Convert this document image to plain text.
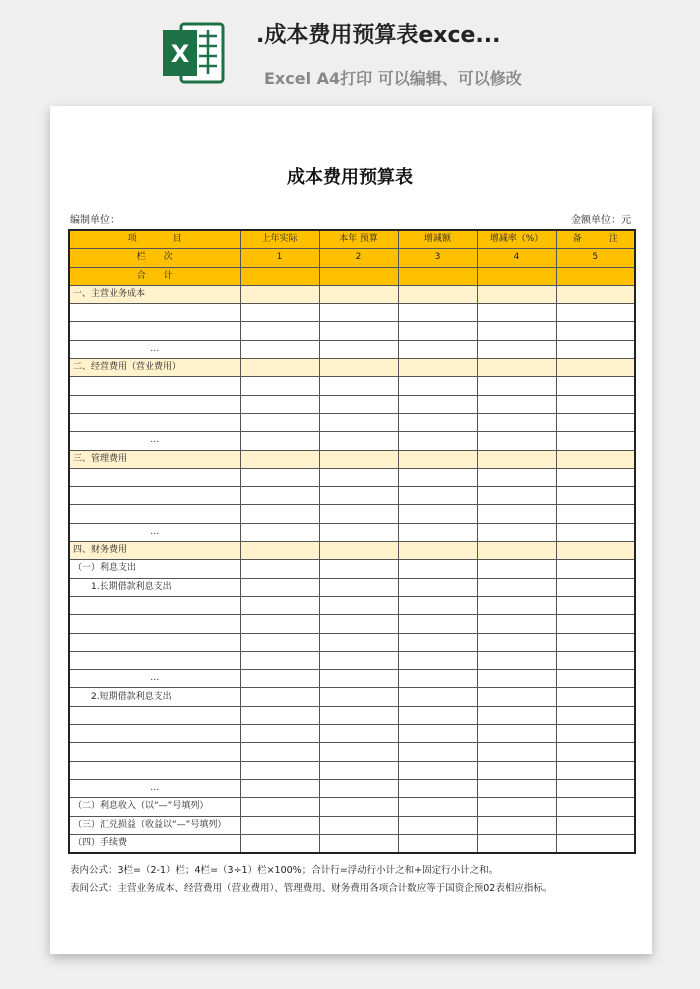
X
.成本费用预算表exce...
Excel A4打印 可以编辑、可以修改
成本费用预算表
编制单位：	金额单位：元
项　　　　目	上年实际	本年 预算	增减额	增减率（%）	备　　　注
栏　　次	1	2	3	4	5
合　　计					
一、主营业务成本					

…					
二、经营费用（营业费用）					

…					
三、管理费用					

…					
四、财务费用					
（一）利息支出					
　　1.长期借款利息支出					

…					
　　2.短期借款利息支出					

…					
（二）利息收入（以“—”号填列）					
（三）汇兑损益（收益以“—”号填列）					
（四）手续费					
表内公式：3栏=（2-1）栏；4栏=（3÷1）栏×100%；合计行=浮动行小计之和+固定行小计之和。
表间公式：主营业务成本、经营费用（营业费用）、管理费用、财务费用各项合计数应等于国资企预02表相应指标。
